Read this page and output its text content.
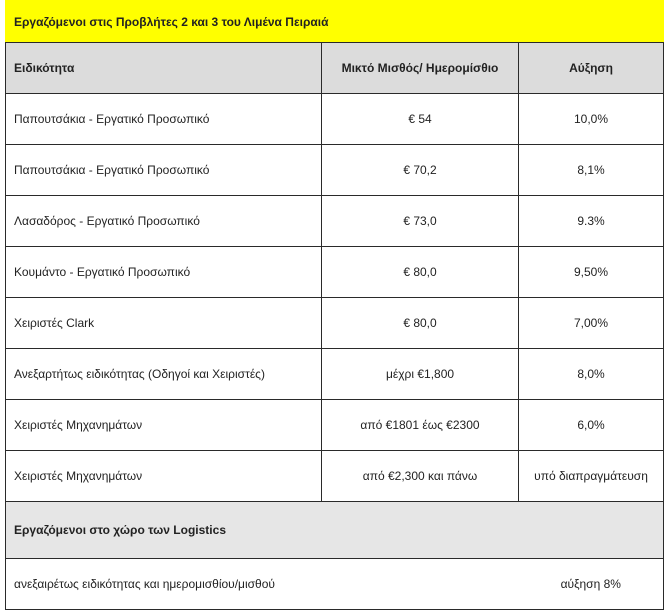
Εργαζόμενοι στις Προβλήτες 2 και 3 του Λιμένα Πειραιά		
Ειδικότητα	Μικτό Μισθός/ Ημερομίσθιο	Αύξηση
Παπουτσάκια - Εργατικό Προσωπικό	€ 54	10,0%
Παπουτσάκια - Εργατικό Προσωπικό	€ 70,2	8,1%
Λασαδόρος - Εργατικό Προσωπικό	€ 73,0	9.3%
Κουμάντο - Εργατικό Προσωπικό	€ 80,0	9,50%
Χειριστές Clark	€ 80,0	7,00%
Ανεξαρτήτως ειδικότητας (Οδηγοί και Χειριστές)	μέχρι €1,800	8,0%
Χειριστές Μηχανημάτων	από €1801 έως €2300	6,0%
Χειριστές Μηχανημάτων	από €2,300 και πάνω	υπό διαπραγμάτευση
Εργαζόμενοι στο χώρο των Logistics		
ανεξαιρέτως ειδικότητας και ημερομισθίου/μισθού		αύξηση 8%
